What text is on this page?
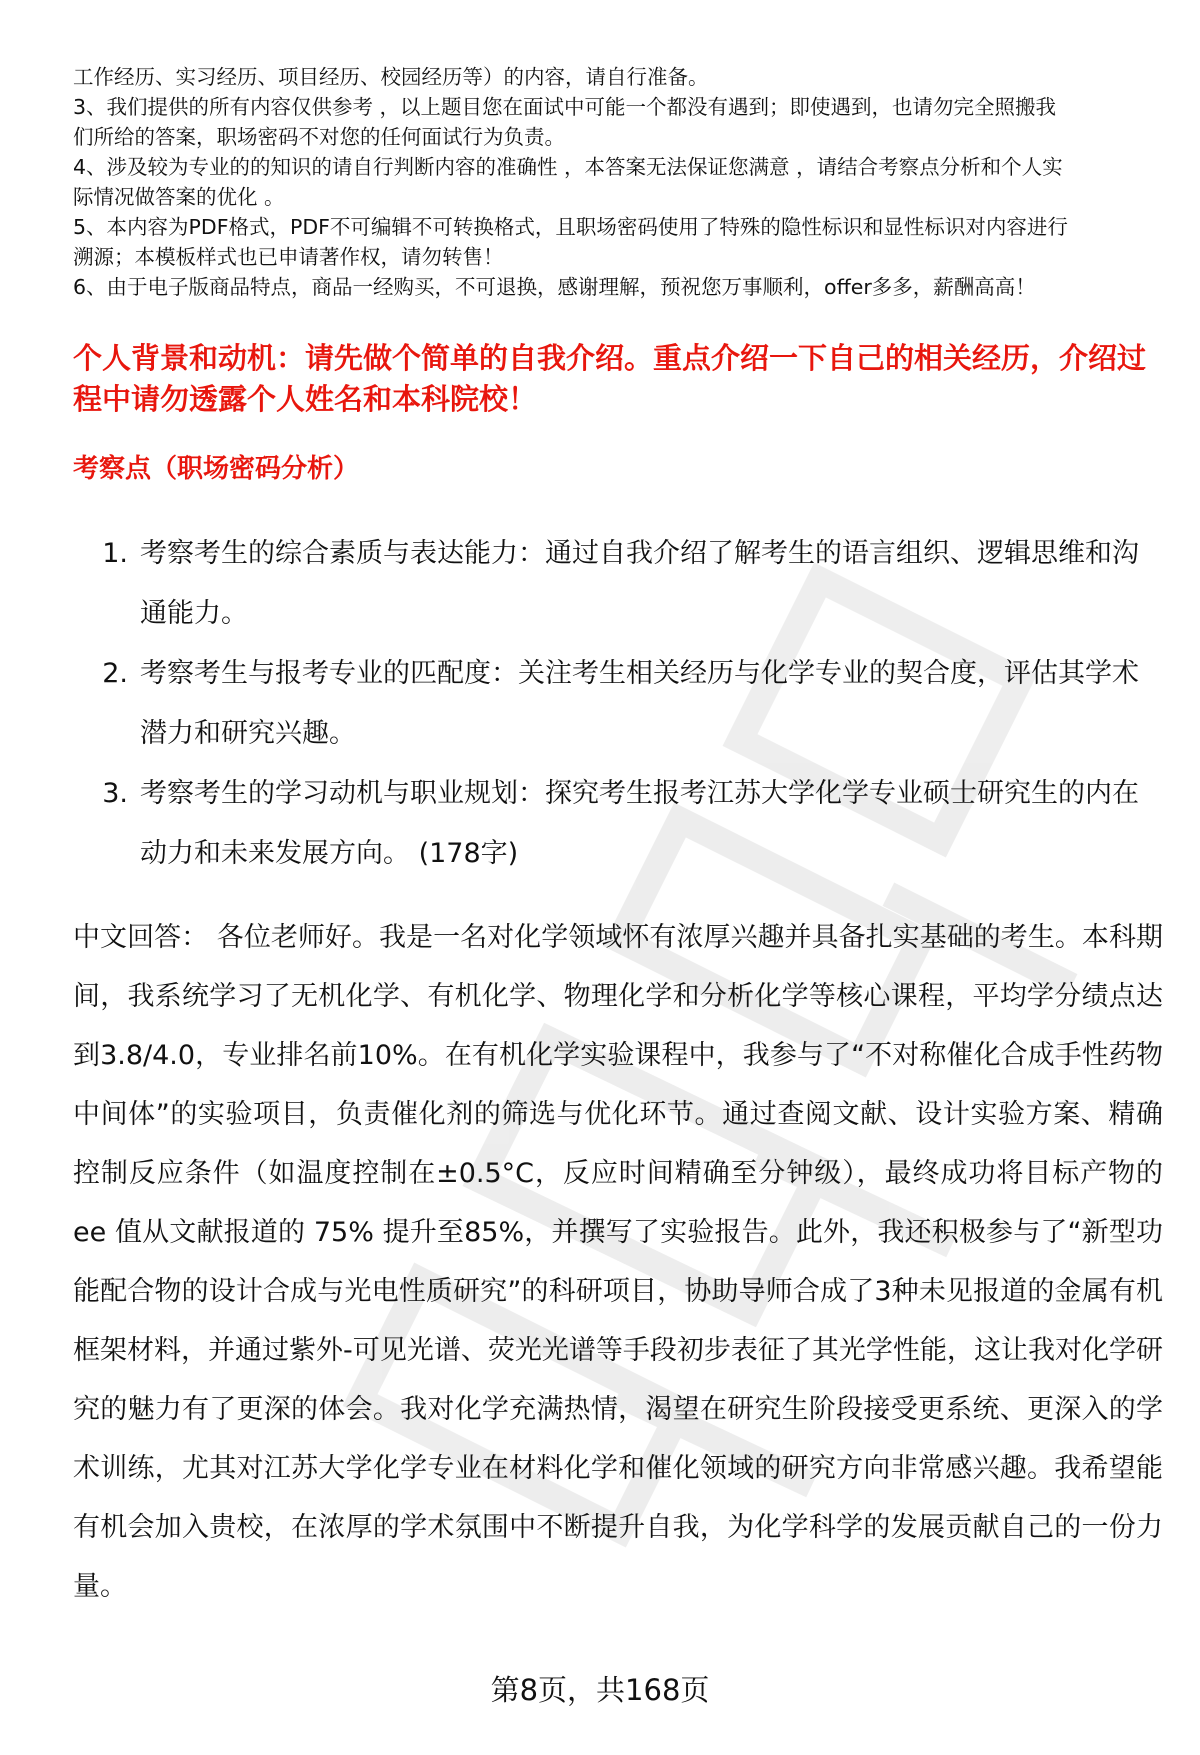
工作经历、实习经历、项目经历、校园经历等）的内容，请自行准备。
3、我们提供的所有内容仅供参考 ，以上题目您在面试中可能一个都没有遇到；即使遇到，也请勿完全照搬我
们所给的答案，职场密码不对您的任何面试行为负责。
4、涉及较为专业的的知识的请自行判断内容的准确性 ，本答案无法保证您满意 ，请结合考察点分析和个人实
际情况做答案的优化 。
5、本内容为PDF格式，PDF不可编辑不可转换格式，且职场密码使用了特殊的隐性标识和显性标识对内容进行
溯源；本模板样式也已申请著作权，请勿转售！
6、由于电子版商品特点，商品一经购买，不可退换，感谢理解，预祝您万事顺利，offer多多，薪酬高高！
个人背景和动机：请先做个简单的自我介绍。重点介绍一下自己的相关经历，介绍过程中请勿透露个人姓名和本科院校！
考察点（职场密码分析）
1. 考察考生的综合素质与表达能力：通过自我介绍了解考生的语言组织、逻辑思维和沟通能力。
2. 考察考生与报考专业的匹配度：关注考生相关经历与化学专业的契合度，评估其学术潜力和研究兴趣。
3. 考察考生的学习动机与职业规划：探究考生报考江苏大学化学专业硕士研究生的内在动力和未来发展方向。 (178字)
中文回答： 各位老师好。我是一名对化学领域怀有浓厚兴趣并具备扎实基础的考生。本科期间，我系统学习了无机化学、有机化学、物理化学和分析化学等核心课程，平均学分绩点达到3.8/4.0，专业排名前10%。在有机化学实验课程中，我参与了“不对称催化合成手性药物中间体”的实验项目，负责催化剂的筛选与优化环节。通过查阅文献、设计实验方案、精确控制反应条件（如温度控制在±0.5°C，反应时间精确至分钟级），最终成功将目标产物的 ee 值从文献报道的 75% 提升至85%，并撰写了实验报告。此外，我还积极参与了“新型功能配合物的设计合成与光电性质研究”的科研项目，协助导师合成了3种未见报道的金属有机框架材料，并通过紫外-可见光谱、荧光光谱等手段初步表征了其光学性能，这让我对化学研究的魅力有了更深的体会。我对化学充满热情，渴望在研究生阶段接受更系统、更深入的学术训练，尤其对江苏大学化学专业在材料化学和催化领域的研究方向非常感兴趣。我希望能有机会加入贵校，在浓厚的学术氛围中不断提升自我，为化学科学的发展贡献自己的一份力量。
第8页，共168页
